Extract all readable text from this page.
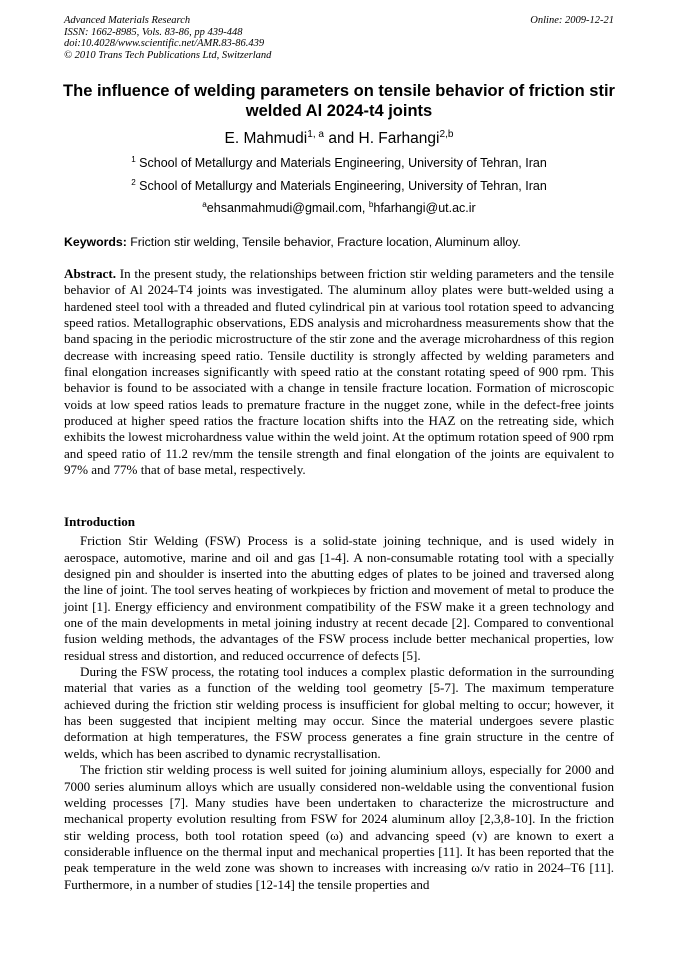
Advanced Materials Research
ISSN: 1662-8985, Vols. 83-86, pp 439-448
doi:10.4028/www.scientific.net/AMR.83-86.439
© 2010 Trans Tech Publications Ltd, Switzerland
Online: 2009-12-21
The influence of welding parameters on tensile behavior of friction stir welded Al 2024-t4 joints
E. Mahmudi$^{1, a}$ and H. Farhangi$^{2,b}$
$^1$ School of Metallurgy and Materials Engineering, University of Tehran, Iran
$^2$ School of Metallurgy and Materials Engineering, University of Tehran, Iran
$^a$ehsanmahmudi@gmail.com, $^b$hfarhangi@ut.ac.ir
Keywords: Friction stir welding, Tensile behavior, Fracture location, Aluminum alloy.

Abstract. In the present study, the relationships between friction stir welding parameters and the tensile behavior of Al 2024-T4 joints was investigated. The aluminum alloy plates were butt-welded using a hardened steel tool with a threaded and fluted cylindrical pin at various tool rotation speed to advancing speed ratios. Metallographic observations, EDS analysis and microhardness measurements show that the band spacing in the periodic microstructure of the stir zone and the average microhardness of this region decrease with increasing speed ratio. Tensile ductility is strongly affected by welding parameters and final elongation increases significantly with speed ratio at the constant rotating speed of 900 rpm. This behavior is found to be associated with a change in tensile fracture location. Formation of microscopic voids at low speed ratios leads to premature fracture in the nugget zone, while in the defect-free joints produced at higher speed ratios the fracture location shifts into the HAZ on the retreating side, which exhibits the lowest microhardness value within the weld joint. At the optimum rotation speed of 900 rpm and speed ratio of 11.2 rev/mm the tensile strength and final elongation of the joints are equivalent to 97% and 77% that of base metal, respectively.

Introduction

Friction Stir Welding (FSW) Process is a solid-state joining technique, and is used widely in aerospace, automotive, marine and oil and gas [1-4]. A non-consumable rotating tool with a specially designed pin and shoulder is inserted into the abutting edges of plates to be joined and traversed along the line of joint. The tool serves heating of workpieces by friction and movement of metal to produce the joint [1]. Energy efficiency and environment compatibility of the FSW make it a green technology and one of the main developments in metal joining industry at recent decade [2]. Compared to conventional fusion welding methods, the advantages of the FSW process include better mechanical properties, low residual stress and distortion, and reduced occurrence of defects [5].

During the FSW process, the rotating tool induces a complex plastic deformation in the surrounding material that varies as a function of the welding tool geometry [5-7]. The maximum temperature achieved during the friction stir welding process is insufficient for global melting to occur; however, it has been suggested that incipient melting may occur. Since the material undergoes severe plastic deformation at high temperatures, the FSW process generates a fine grain structure in the centre of welds, which has been ascribed to dynamic recrystallisation.

The friction stir welding process is well suited for joining aluminium alloys, especially for 2000 and 7000 series aluminum alloys which are usually considered non-weldable using the conventional fusion welding processes [7]. Many studies have been undertaken to characterize the microstructure and mechanical property evolution resulting from FSW for 2024 aluminum alloy [2,3,8-10]. In the friction stir welding process, both tool rotation speed (ω) and advancing speed (v) are known to exert a considerable influence on the thermal input and mechanical properties [11]. It has been reported that the peak temperature in the weld zone was shown to increases with increasing ω/v ratio in 2024–T6 [11]. Furthermore, in a number of studies [12-14] the tensile properties and
